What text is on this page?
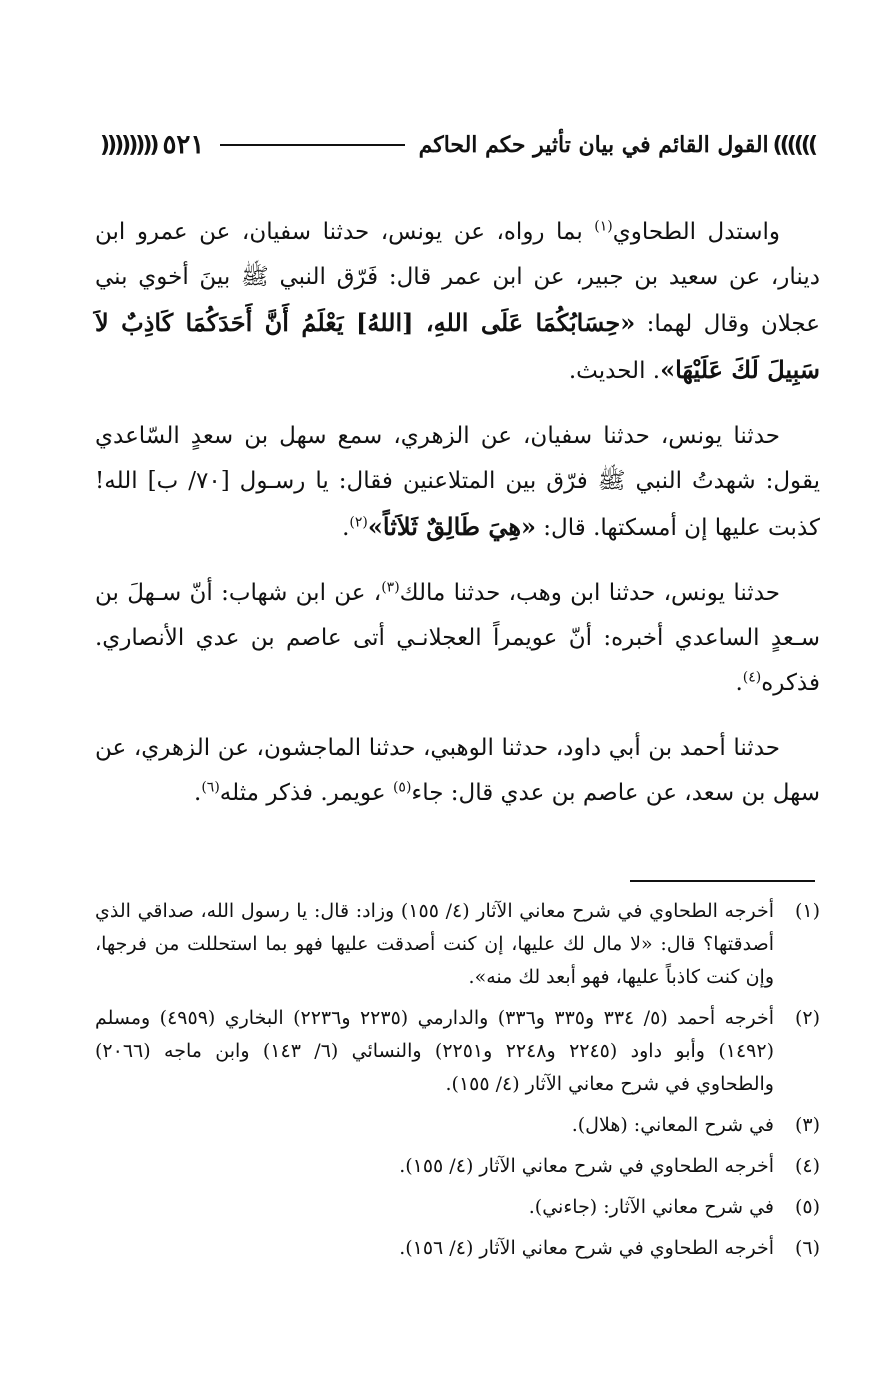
))))))
القول القائم في بيان تأثير حكم الحاكم
٥٢١
((((((((

واستدل الطحاوي$^{(١)}$ بما رواه، عن يونس، حدثنا سفيان، عن عمرو ابن دينار، عن سعيد بن جبير، عن ابن عمر قال: فَرّق النبي ﷺ بينَ أخوي بني عجلان وقال لهما: «حِسَابُكُمَا عَلَى اللهِ، [اللهُ] يَعْلَمُ أَنَّ أَحَدَكُمَا كَاذِبٌ لاَ سَبِيلَ لَكَ عَلَيْهَا». الحديث.

حدثنا يونس، حدثنا سفيان، عن الزهري، سمع سهل بن سعدٍ السّاعدي يقول: شهدتُ النبي ﷺ فرّق بين المتلاعنين فقال: يا رسـول [٧٠/ ب] الله! كذبت عليها إن أمسكتها. قال: «هِيَ طَالِقٌ ثَلاَثاً»$^{(٢)}$.

حدثنا يونس، حدثنا ابن وهب، حدثنا مالك$^{(٣)}$، عن ابن شهاب: أنّ سـهلَ بن سـعدٍ الساعدي أخبره: أنّ عويمراً العجلانـي أتى عاصم بن عدي الأنصاري. فذكره$^{(٤)}$.

حدثنا أحمد بن أبي داود، حدثنا الوهبي، حدثنا الماجشون، عن الزهري، عن سهل بن سعد، عن عاصم بن عدي قال: جاء$^{(٥)}$ عويمر. فذكر مثله$^{(٦)}$.

(١)
أخرجه الطحاوي في شرح معاني الآثار (٤/ ١٥٥) وزاد: قال: يا رسول الله، صداقي الذي أصدقتها؟ قال: «لا مال لك عليها، إن كنت أصدقت عليها فهو بما استحللت من فرجها، وإن كنت كاذباً عليها، فهو أبعد لك منه».
(٢)
أخرجه أحمد (٥/ ٣٣٤ و٣٣٥ و٣٣٦) والدارمي (٢٢٣٥ و٢٢٣٦) البخاري (٤٩٥٩) ومسلم (١٤٩٢) وأبو داود (٢٢٤٥ و٢٢٤٨ و٢٢٥١) والنسائي (٦/ ١٤٣) وابن ماجه (٢٠٦٦) والطحاوي في شرح معاني الآثار (٤/ ١٥٥).
(٣)
في شرح المعاني: (هلال).
(٤)
أخرجه الطحاوي في شرح معاني الآثار (٤/ ١٥٥).
(٥)
في شرح معاني الآثار: (جاءني).
(٦)
أخرجه الطحاوي في شرح معاني الآثار (٤/ ١٥٦).
